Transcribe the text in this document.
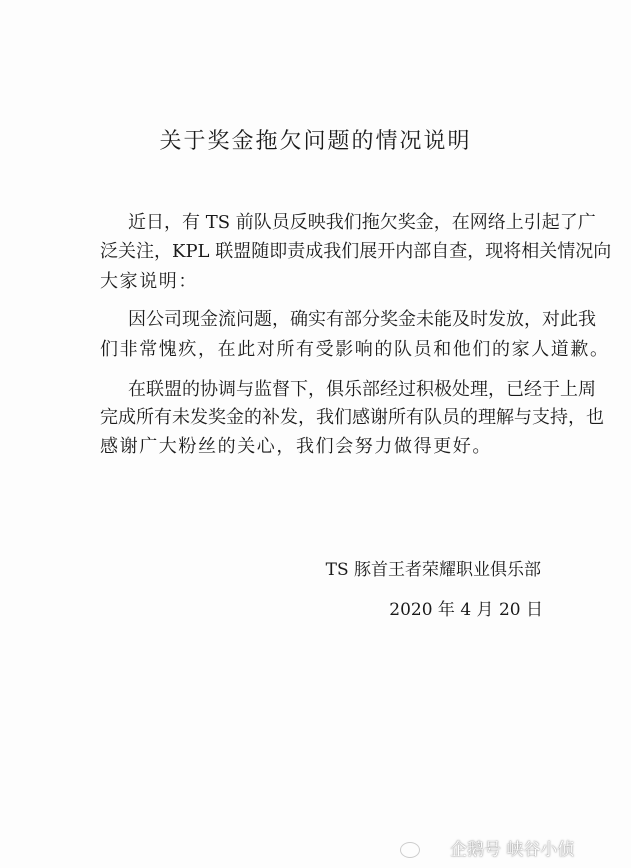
关于奖金拖欠问题的情况说明
近日，有 TS 前队员反映我们拖欠奖金，在网络上引起了广
泛关注，KPL 联盟随即责成我们展开内部自查，现将相关情况向
大家说明：
因公司现金流问题，确实有部分奖金未能及时发放，对此我
们非常愧疚，在此对所有受影响的队员和他们的家人道歉。
在联盟的协调与监督下，俱乐部经过积极处理，已经于上周
完成所有未发奖金的补发，我们感谢所有队员的理解与支持，也
感谢广大粉丝的关心，我们会努力做得更好。
TS 豚首王者荣耀职业俱乐部
2020 年 4 月 20 日
企鹅号 峡谷小侦
